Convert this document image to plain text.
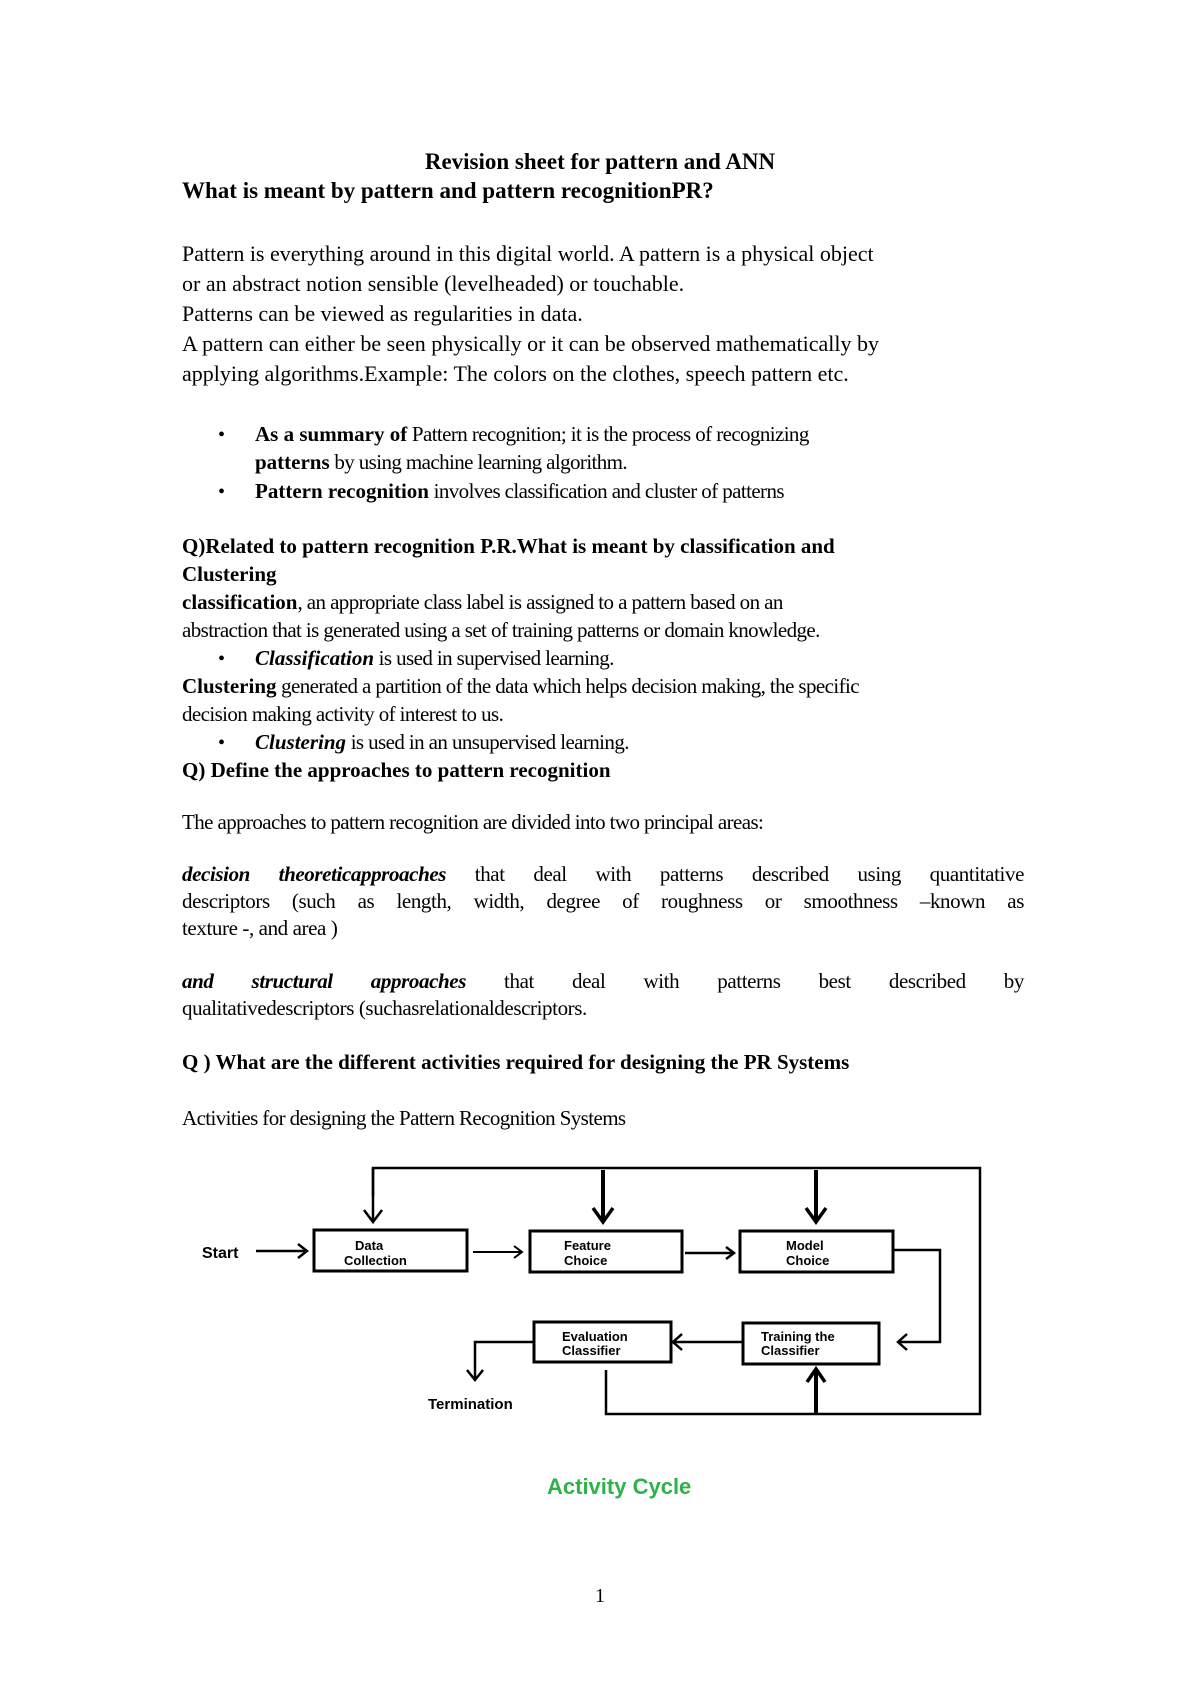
Revision sheet for pattern and ANN
What is meant by pattern and pattern recognitionPR?
Pattern is everything around in this digital world. A pattern is a physical object
or an abstract notion sensible (levelheaded) or touchable.
Patterns can be viewed as regularities in data.
A pattern can either be seen physically or it can be observed mathematically by
applying algorithms.Example: The colors on the clothes, speech pattern etc.
• As a summary of Pattern recognition; it is the process of recognizing
patterns by using machine learning algorithm.
• Pattern recognition involves classification and cluster of patterns
Q)Related to pattern recognition P.R.What is meant by classification and
Clustering
classification, an appropriate class label is assigned to a pattern based on an
abstraction that is generated using a set of training patterns or domain knowledge.
• Classification is used in supervised learning.
Clustering generated a partition of the data which helps decision making, the specific
decision making activity of interest to us.
• Clustering is used in an unsupervised learning.
Q) Define the approaches to pattern recognition
The approaches to pattern recognition are divided into two principal areas:
decision theoreticapproaches that deal with patterns described using quantitative
descriptors (such as length, width, degree of roughness or smoothness –known as
texture -, and area )
and structural approaches that deal with patterns best described by
qualitativedescriptors (suchasrelationaldescriptors.
Q ) What are the different activities required for designing the PR Systems
Activities for designing the Pattern Recognition Systems
Start	Data
Collection
Feature
Choice
Model
Choice
Evaluation
Classifier
Training the
Classifier
Termination
Activity Cycle
1
